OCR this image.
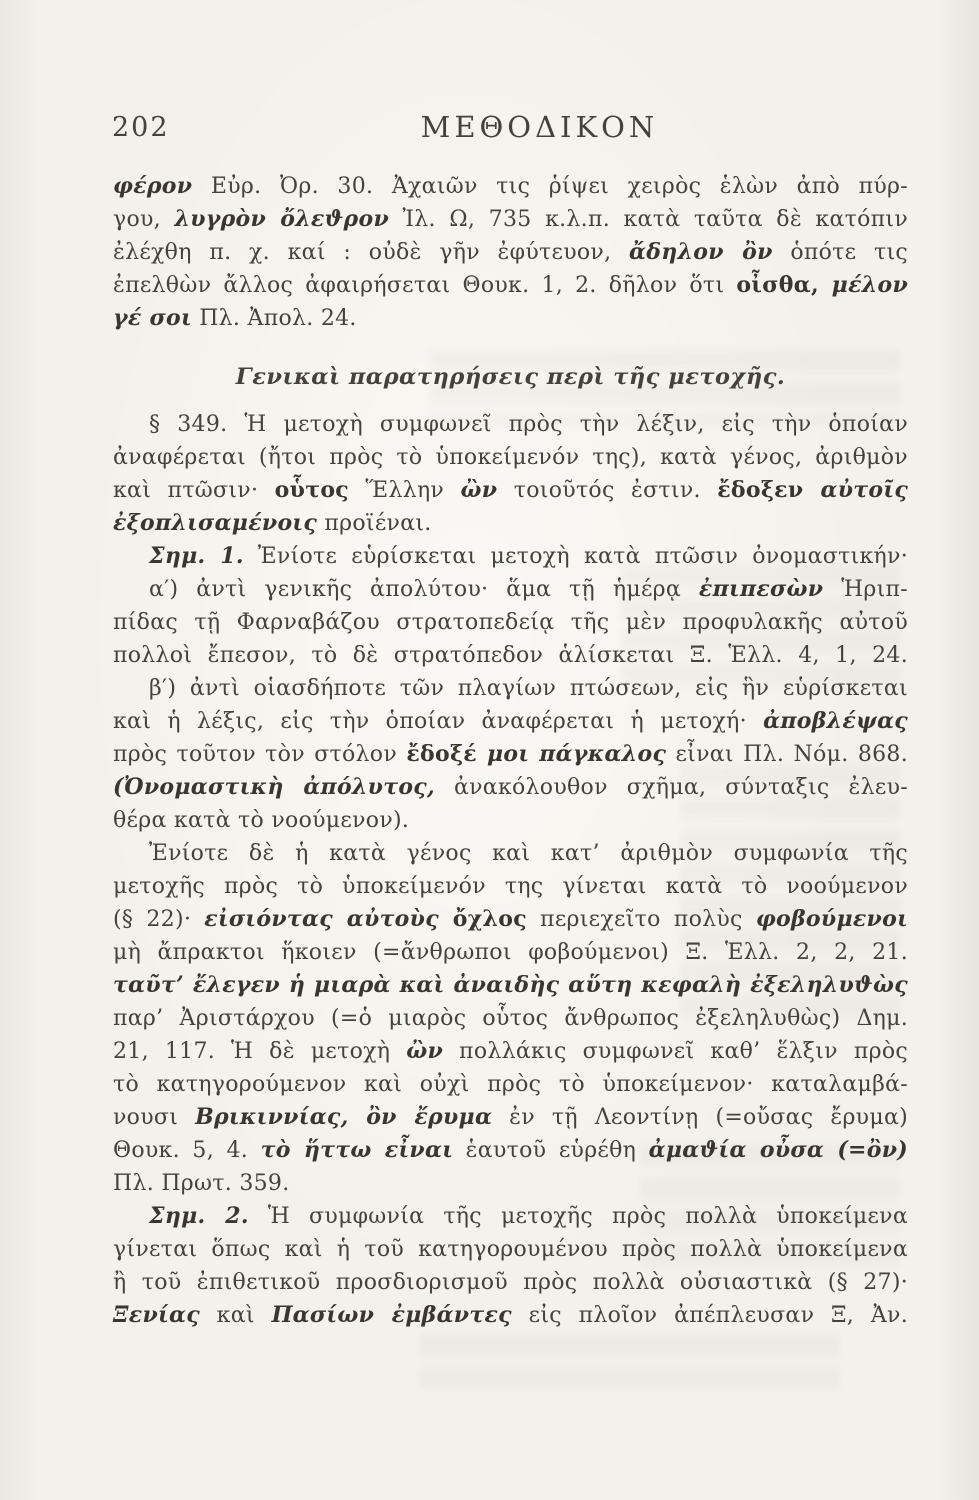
202	ΜΕΘΟΔΙΚΟΝ
φέρον Εὐρ. Ὀρ. 30. Ἀχαιῶν τις ῥίψει χειρὸς ἑλὼν ἀπὸ πύρ-
γου, λυγρὸν ὄλεϑρον Ἰλ. Ω, 735 κ.λ.π. κατὰ ταῦτα δὲ κατόπιν
ἐλέχθη π. χ. καί : οὐδὲ γῆν ἐφύτευον, ἄδηλον ὂν ὁπότε τις
ἐπελθὼν ἄλλος ἀφαιρήσεται Θουκ. 1, 2. δῆλον ὅτι οἶσθα, μέλον
γέ σοι Πλ. Ἀπολ. 24.
Γενικαὶ παρατηρήσεις περὶ τῆς μετοχῆς.
§ 349. Ἡ μετοχὴ συμφωνεῖ πρὸς τὴν λέξιν, εἰς τὴν ὁποίαν
ἀναφέρεται (ἤτοι πρὸς τὸ ὑποκείμενόν της), κατὰ γένος, ἀριθμὸν
καὶ πτῶσιν· οὗτος Ἕλλην ὢν τοιοῦτός ἐστιν. ἔδοξεν αὐτοῖς
ἐξοπλισαμένοις προϊέναι.
Σημ. 1. Ἐνίοτε εὑρίσκεται μετοχὴ κατὰ πτῶσιν ὀνομαστικήν·
α′) ἀντὶ γενικῆς ἀπολύτου· ἅμα τῇ ἡμέρᾳ ἐπιπεσὼν Ἡριπ-
πίδας τῇ Φαρναβάζου στρατοπεδείᾳ τῆς μὲν προφυλακῆς αὐτοῦ
πολλοὶ ἔπεσον, τὸ δὲ στρατόπεδον ἁλίσκεται Ξ. Ἑλλ. 4, 1, 24.
β′) ἀντὶ οἱασδήποτε τῶν πλαγίων πτώσεων, εἰς ἣν εὑρίσκεται
καὶ ἡ λέξις, εἰς τὴν ὁποίαν ἀναφέρεται ἡ μετοχή· ἀποβλέψας
πρὸς τοῦτον τὸν στόλον ἔδοξέ μοι πάγκαλος εἶναι Πλ. Νόμ. 868.
(Ὀνομαστικὴ ἀπόλυτος, ἀνακόλουθον σχῆμα, σύνταξις ἐλευ-
θέρα κατὰ τὸ νοούμενον).
Ἐνίοτε δὲ ἡ κατὰ γένος καὶ κατ’ ἀριθμὸν συμφωνία τῆς
μετοχῆς πρὸς τὸ ὑποκείμενόν της γίνεται κατὰ τὸ νοούμενον
(§ 22)· εἰσιόντας αὐτοὺς ὄχλος περιεχεῖτο πολὺς φοβούμενοι
μὴ ἄπρακτοι ἥκοιεν (=ἄνθρωποι φοβούμενοι) Ξ. Ἑλλ. 2, 2, 21.
ταῦτ’ ἔλεγεν ἡ μιαρὰ καὶ ἀναιδὴς αὕτη κεφαλὴ ἐξεληλυϑὼς
παρ’ Ἀριστάρχου (=ὁ μιαρὸς οὗτος ἄνθρωπος ἐξεληλυθὼς) Δημ.
21, 117. Ἡ δὲ μετοχὴ ὢν πολλάκις συμφωνεῖ καθ’ ἕλξιν πρὸς
τὸ κατηγορούμενον καὶ οὐχὶ πρὸς τὸ ὑποκείμενον· καταλαμβά-
νουσι Βρικιννίας, ὂν ἔρυμα ἐν τῇ Λεοντίνῃ (=οὔσας ἔρυμα)
Θουκ. 5, 4. τὸ ἥττω εἶναι ἑαυτοῦ εὑρέθη ἀμαϑία οὖσα (=ὂν)
Πλ. Πρωτ. 359.
Σημ. 2. Ἡ συμφωνία τῆς μετοχῆς πρὸς πολλὰ ὑποκείμενα
γίνεται ὅπως καὶ ἡ τοῦ κατηγορουμένου πρὸς πολλὰ ὑποκείμενα
ἢ τοῦ ἐπιθετικοῦ προσδιορισμοῦ πρὸς πολλὰ οὐσιαστικὰ (§ 27)·
Ξενίας καὶ Πασίων ἐμβάντες εἰς πλοῖον ἀπέπλευσαν Ξ, Ἀν.
